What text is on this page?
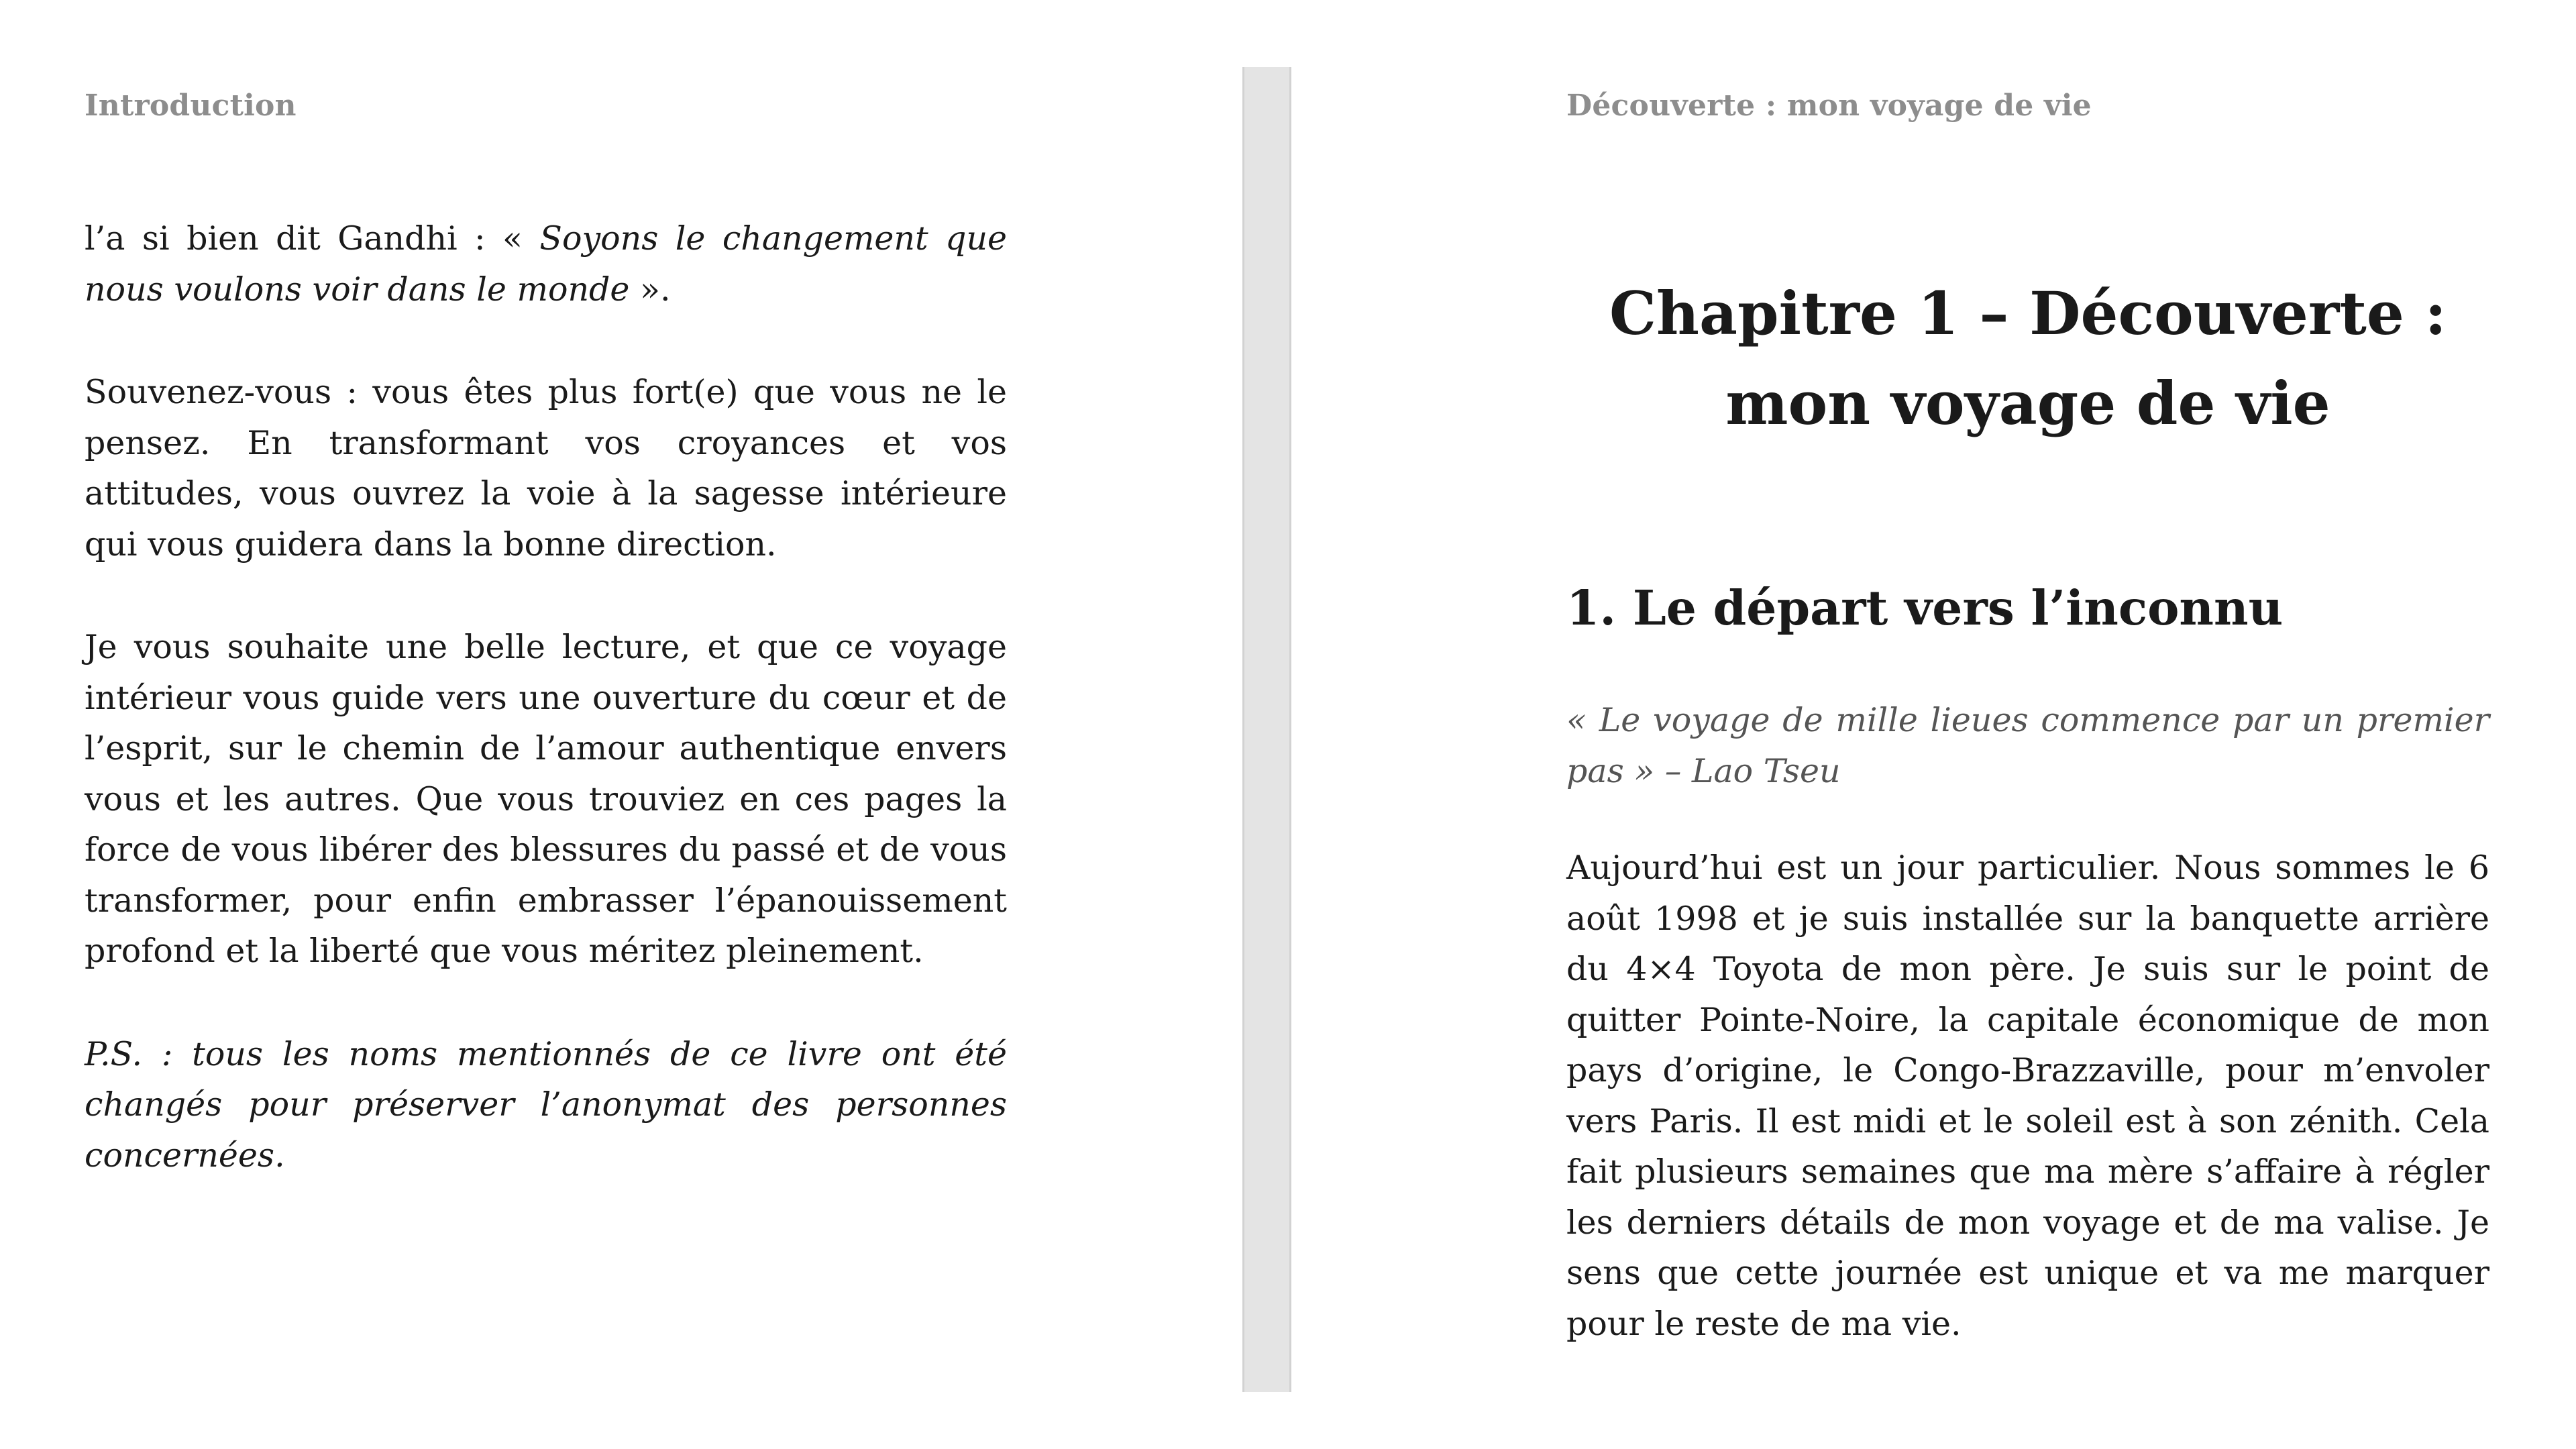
Introduction

l’a si bien dit Gandhi : « Soyons le changement que nous voulons voir dans le monde ».

Souvenez-vous : vous êtes plus fort(e) que vous ne le pensez. En transformant vos croyances et vos attitudes, vous ouvrez la voie à la sagesse intérieure qui vous guidera dans la bonne direction.

Je vous souhaite une belle lecture, et que ce voyage intérieur vous guide vers une ouverture du cœur et de l’esprit, sur le chemin de l’amour authentique envers vous et les autres. Que vous trouviez en ces pages la force de vous libérer des blessures du passé et de vous transformer, pour enfin embrasser l’épanouissement profond et la liberté que vous méritez pleinement.

P.S. : tous les noms mentionnés de ce livre ont été changés pour préserver l’anonymat des personnes concernées.

Découverte : mon voyage de vie
Chapitre 1 – Découverte :
mon voyage de vie
1. Le départ vers l’inconnu

« Le voyage de mille lieues commence par un premier pas » – Lao Tseu

Aujourd’hui est un jour particulier. Nous sommes le 6 août 1998 et je suis installée sur la banquette arrière du 4×4 Toyota de mon père. Je suis sur le point de quitter Pointe-Noire, la capitale économique de mon pays d’origine, le Congo-Brazzaville, pour m’envoler vers Paris. Il est midi et le soleil est à son zénith. Cela fait plusieurs semaines que ma mère s’affaire à régler les derniers détails de mon voyage et de ma valise. Je sens que cette journée est unique et va me marquer pour le reste de ma vie.
